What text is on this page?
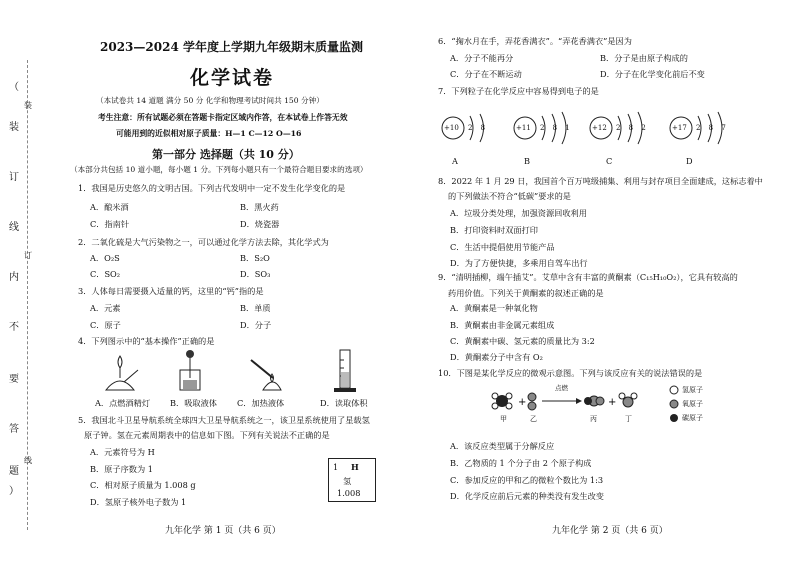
（
装
订
线
内
不
要
答
题
）
装
订
线
2023—2024 学年度上学期九年级期末质量监测
化学试卷
（本试卷共 14 道题 满分 50 分 化学和物理考试时间共 150 分钟）
考生注意：所有试题必须在答题卡指定区域内作答，在本试卷上作答无效
可能用到的近似相对原子质量：H—1 C—12 O—16
第一部分 选择题（共 10 分）
（本部分共包括 10 道小题，每小题 1 分。下列每小题只有一个最符合题目要求的选项）
1．我国是历史悠久的文明古国。下列古代发明中一定不发生化学变化的是
A．酿米酒	B．黑火药
C．指南针	D．烧瓷器
2．二氧化硫是大气污染物之一，可以通过化学方法去除，其化学式为
A．O₂S	B．S₂O
C．SO₂	D．SO₃
3．人体每日需要摄入适量的钙，这里的“钙”指的是
A．元素	B．单质
C．原子	D．分子
4．下列图示中的“基本操作”正确的是
A．点燃酒精灯 B．吸取液体 C．加热液体	D．读取体积
5．我国北斗卫星导航系统全球四大卫星导航系统之一，该卫星系统使用了星载氢
原子钟。氢在元素周期表中的信息如下图。下列有关说法不正确的是
A．元素符号为 H
B．原子序数为 1
C．相对原子质量为 1.008 g
D．氢原子核外电子数为 1
1 H
氢
1.008
九年化学 第 1 页（共 6 页）
6．“掬水月在手，弄花香满衣”。“弄花香满衣”是因为
A．分子不能再分	B．分子是由原子构成的
C．分子在不断运动	D．分子在化学变化前后不变
7．下列粒子在化学反应中容易得到电子的是
+10 2 8
A
+11 2 8 1
B
+12 2 8 2
C
+17 2 8 7
D
8．2022 年 1 月 29 日，我国首个百万吨级捕集、利用与封存项目全面建成，这标志着中
的下列做法不符合“低碳”要求的是
A．垃圾分类处理，加强资源回收利用
B．打印资料时双面打印
C．生活中提倡使用节能产品
D．为了方便快捷，多乘用自驾车出行
9．“清明插柳，端午插艾”。艾草中含有丰富的黄酮素（C₁₅H₁₀O₂），它具有较高的
药用价值。下列关于黄酮素的叙述正确的是
A．黄酮素是一种氧化物
B．黄酮素由非金属元素组成
C．黄酮素中碳、氢元素的质量比为 3:2
D．黄酮素分子中含有 O₂
10．下图是某化学反应的微观示意图。下列与该反应有关的说法错误的是
+	+
点燃
甲	乙	丙	丁
氢原子
氧原子
碳原子
A．该反应类型属于分解反应
B．乙物质的 1 个分子由 2 个原子构成
C．参加反应的甲和乙的微粒个数比为 1:3
D．化学反应前后元素的种类没有发生改变
九年化学 第 2 页（共 6 页）
